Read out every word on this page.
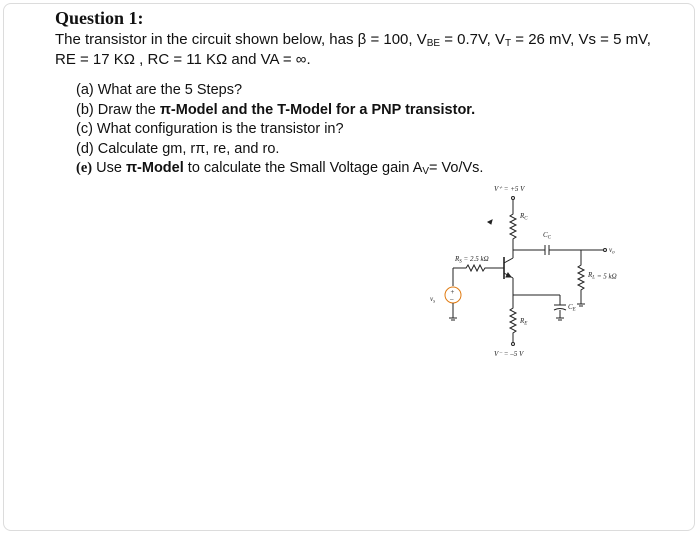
Question 1:
The transistor in the circuit shown below, has β = 100, $V_{BE} = 0.7V$, $V_T = 26$ mV, Vs = 5 mV,
RE = 17 KΩ , RC = 11 KΩ and VA = ∞.
(a) What are the 5 Steps?
(b) Draw the π-Model and the T-Model for a PNP transistor.
(c) What configuration is the transistor in?
(d) Calculate gm, rπ, re, and ro.
(e) Use π-Model to calculate the Small Voltage gain $A_V= Vo/Vs$.
V⁺ = +5 V
$R_C$
$C_C$
$v_o$
$R_L = 5$ kΩ
$R_S = 2.5$ kΩ
+
–
$v_s$
$C_E$
$R_E$
V⁻ = –5 V
